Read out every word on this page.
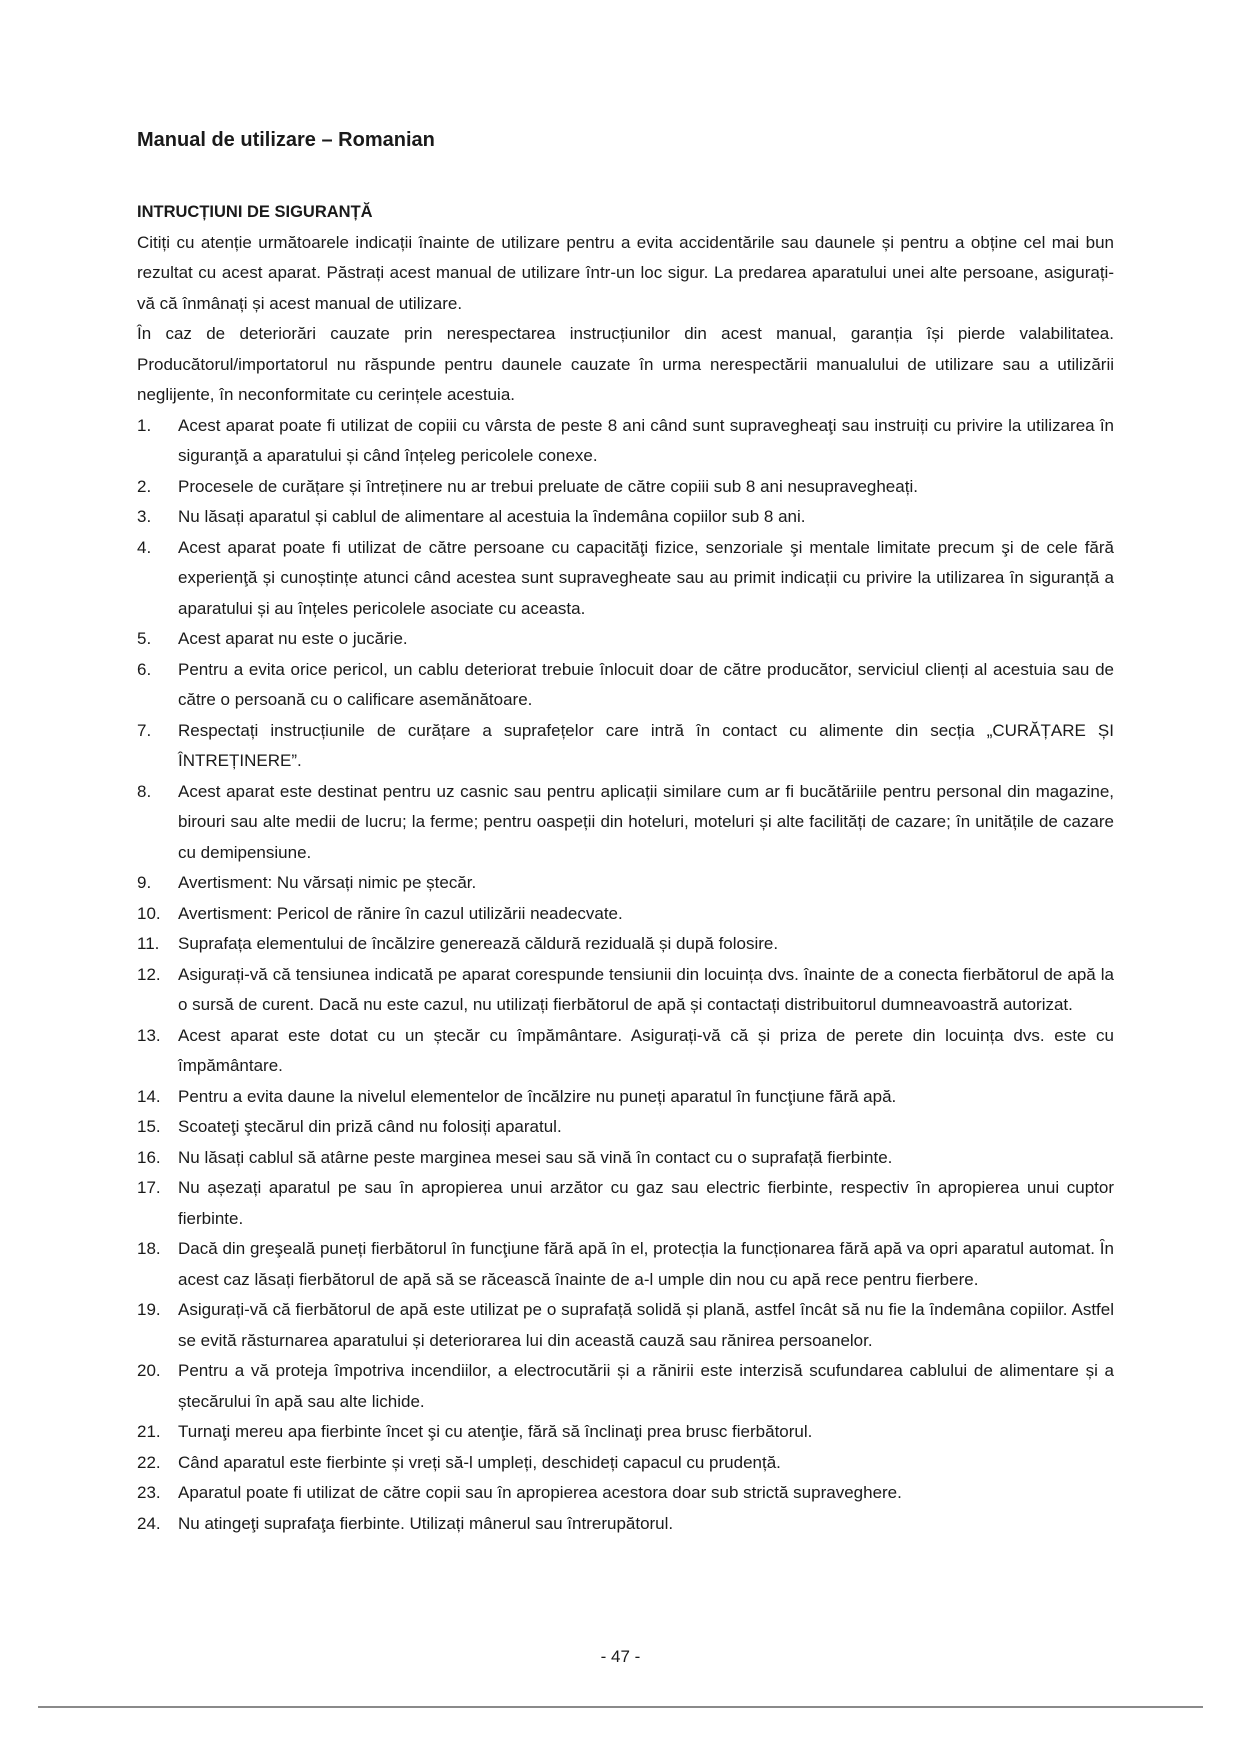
Manual de utilizare – Romanian
INTRUCȚIUNI DE SIGURANȚĂ

Citiți cu atenție următoarele indicații înainte de utilizare pentru a evita accidentările sau daunele și pentru a obține cel mai bun rezultat cu acest aparat. Păstrați acest manual de utilizare într-un loc sigur. La predarea aparatului unei alte persoane, asigurați-vă că înmânați și acest manual de utilizare.

În caz de deteriorări cauzate prin nerespectarea instrucțiunilor din acest manual, garanția își pierde valabilitatea. Producătorul/importatorul nu răspunde pentru daunele cauzate în urma nerespectării manualului de utilizare sau a utilizării neglijente, în neconformitate cu cerințele acestuia.

1. Acest aparat poate fi utilizat de copiii cu vârsta de peste 8 ani când sunt supravegheaţi sau instruiți cu privire la utilizarea în siguranţă a aparatului și când înțeleg pericolele conexe.
2. Procesele de curățare și întreținere nu ar trebui preluate de către copiii sub 8 ani nesupravegheați.
3. Nu lăsați aparatul și cablul de alimentare al acestuia la ȋndemâna copiilor sub 8 ani.
4. Acest aparat poate fi utilizat de către persoane cu capacităţi fizice, senzoriale şi mentale limitate precum şi de cele fără experienţă și cunoștințe atunci când acestea sunt supravegheate sau au primit indicații cu privire la utilizarea ȋn siguranță a aparatului și au înțeles pericolele asociate cu aceasta.
5. Acest aparat nu este o jucărie.
6. Pentru a evita orice pericol, un cablu deteriorat trebuie înlocuit doar de către producător, serviciul clienți al acestuia sau de către o persoană cu o calificare asemănătoare.
7. Respectați instrucțiunile de curățare a suprafețelor care intră în contact cu alimente din secția „CURĂȚARE ȘI ÎNTREȚINERE”.
8. Acest aparat este destinat pentru uz casnic sau pentru aplicații similare cum ar fi bucătăriile pentru personal din magazine, birouri sau alte medii de lucru; la ferme; pentru oaspeții din hoteluri, moteluri și alte facilități de cazare; în unitățile de cazare cu demipensiune.
9. Avertisment: Nu vărsați nimic pe ștecăr.
10. Avertisment: Pericol de rănire în cazul utilizării neadecvate.
11. Suprafața elementului de încălzire generează căldură reziduală și după folosire.
12. Asigurați-vă că tensiunea indicată pe aparat corespunde tensiunii din locuința dvs. înainte de a conecta fierbătorul de apă la o sursă de curent. Dacă nu este cazul, nu utilizați fierbătorul de apă și contactați distribuitorul dumneavoastră autorizat.
13. Acest aparat este dotat cu un ștecăr cu împământare. Asigurați-vă că și priza de perete din locuința dvs. este cu împământare.
14. Pentru a evita daune la nivelul elementelor de încălzire nu puneți aparatul în funcţiune fără apă.
15. Scoateţi ştecărul din priză când nu folosiți aparatul.
16. Nu lăsați cablul să atârne peste marginea mesei sau să vină în contact cu o suprafață fierbinte.
17. Nu așezați aparatul pe sau ȋn apropierea unui arzător cu gaz sau electric fierbinte, respectiv ȋn apropierea unui cuptor fierbinte.
18. Dacă din greşeală puneți fierbătorul în funcţiune fără apă în el, protecția la funcționarea fără apă va opri aparatul automat. Ȋn acest caz lăsați fierbătorul de apă să se răcească înainte de a-l umple din nou cu apă rece pentru fierbere.
19. Asigurați-vă că fierbătorul de apă este utilizat pe o suprafață solidă și plană, astfel încât să nu fie la ȋndemâna copiilor. Astfel se evită răsturnarea aparatului și deteriorarea lui din această cauză sau rănirea persoanelor.
20. Pentru a vă proteja împotriva incendiilor, a electrocutării și a rănirii este interzisă scufundarea cablului de alimentare și a ștecărului în apă sau alte lichide.
21. Turnaţi mereu apa fierbinte încet şi cu atenţie, fără să înclinaţi prea brusc fierbătorul.
22. Când aparatul este fierbinte și vreți să-l umpleți, deschideți capacul cu prudență.
23. Aparatul poate fi utilizat de către copii sau în apropierea acestora doar sub strictă supraveghere.
24. Nu atingeţi suprafaţa fierbinte. Utilizați mânerul sau întrerupătorul.
- 47 -
